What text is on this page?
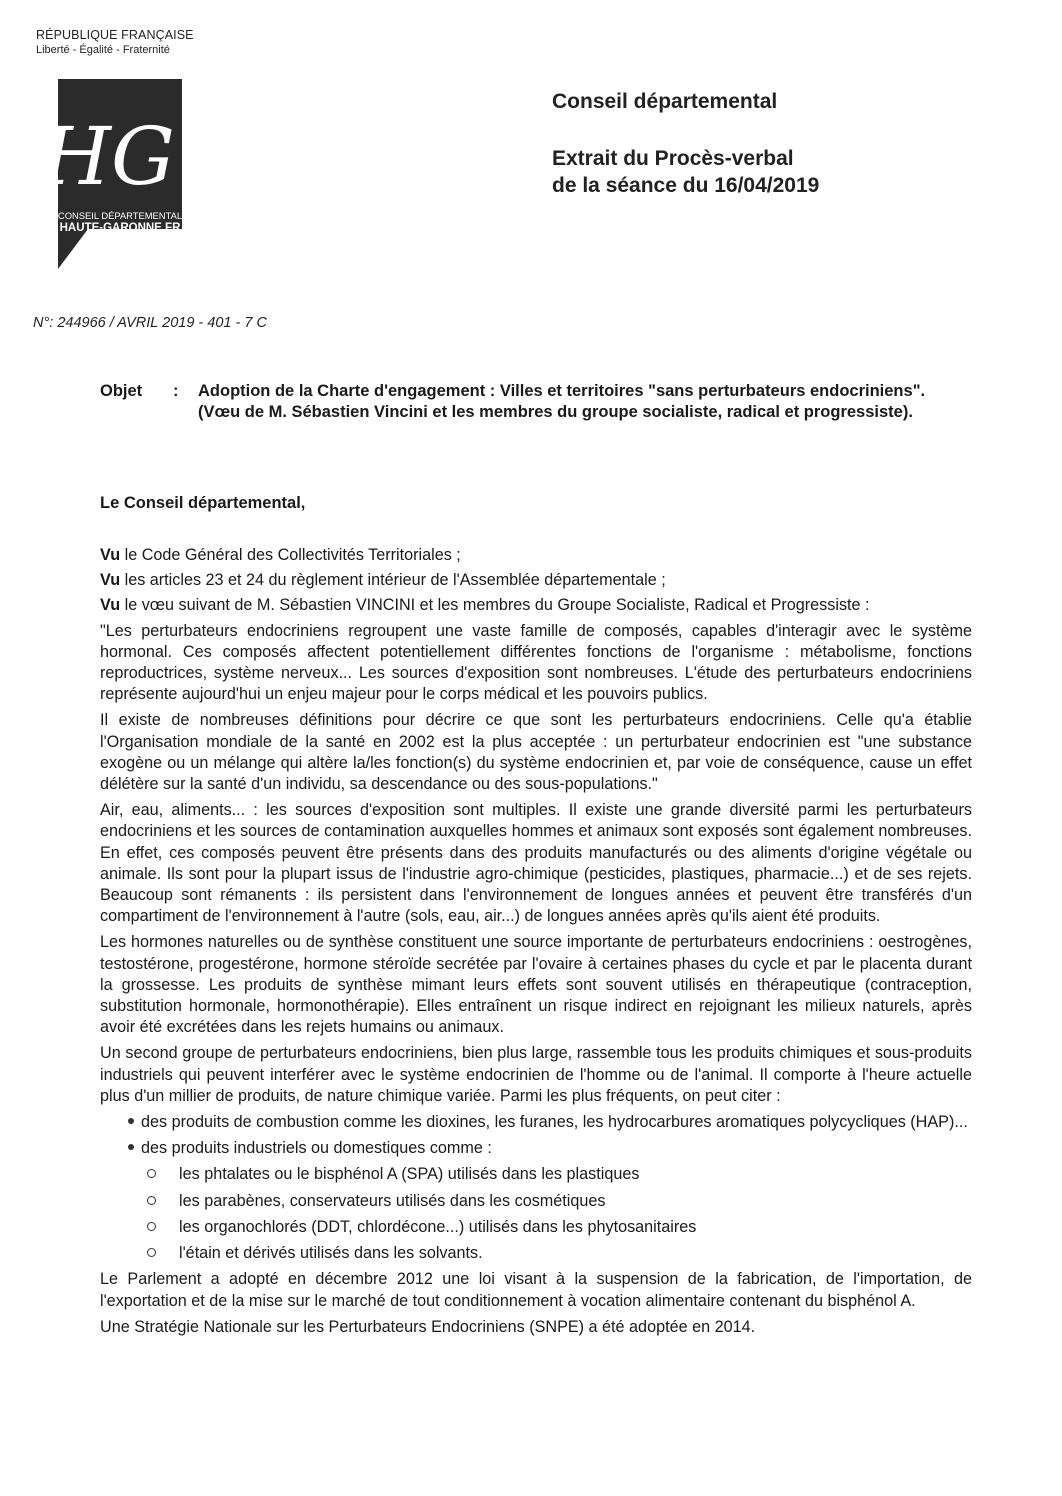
RÉPUBLIQUE FRANÇAISE
Liberté - Égalité - Fraternité
HG
CONSEIL DÉPARTEMENTAL
HAUTE-GARONNE.FR
Conseil départemental
Extrait du Procès-verbal
de la séance du 16/04/2019
N°: 244966 / AVRIL 2019 - 401 - 7 C
Objet : Adoption de la Charte d'engagement : Villes et territoires "sans perturbateurs endocriniens".
(Vœu de M. Sébastien Vincini et les membres du groupe socialiste, radical et progressiste).
Le Conseil départemental,

Vu le Code Général des Collectivités Territoriales ;

Vu les articles 23 et 24 du règlement intérieur de l'Assemblée départementale ;

Vu le vœu suivant de M. Sébastien VINCINI et les membres du Groupe Socialiste, Radical et Progressiste :

"Les perturbateurs endocriniens regroupent une vaste famille de composés, capables d'interagir avec le système hormonal. Ces composés affectent potentiellement différentes fonctions de l'organisme : métabolisme, fonctions reproductrices, système nerveux... Les sources d'exposition sont nombreuses. L'étude des perturbateurs endocriniens représente aujourd'hui un enjeu majeur pour le corps médical et les pouvoirs publics.

Il existe de nombreuses définitions pour décrire ce que sont les perturbateurs endocriniens. Celle qu'a établie l'Organisation mondiale de la santé en 2002 est la plus acceptée : un perturbateur endocrinien est "une substance exogène ou un mélange qui altère la/les fonction(s) du système endocrinien et, par voie de conséquence, cause un effet délétère sur la santé d'un individu, sa descendance ou des sous-populations."

Air, eau, aliments... : les sources d'exposition sont multiples. Il existe une grande diversité parmi les perturbateurs endocriniens et les sources de contamination auxquelles hommes et animaux sont exposés sont également nombreuses. En effet, ces composés peuvent être présents dans des produits manufacturés ou des aliments d'origine végétale ou animale. Ils sont pour la plupart issus de l'industrie agro-chimique (pesticides, plastiques, pharmacie...) et de ses rejets. Beaucoup sont rémanents : ils persistent dans l'environnement de longues années et peuvent être transférés d'un compartiment de l'environnement à l'autre (sols, eau, air...) de longues années après qu'ils aient été produits.

Les hormones naturelles ou de synthèse constituent une source importante de perturbateurs endocriniens : oestrogènes, testostérone, progestérone, hormone stéroïde secrétée par l'ovaire à certaines phases du cycle et par le placenta durant la grossesse. Les produits de synthèse mimant leurs effets sont souvent utilisés en thérapeutique (contraception, substitution hormonale, hormonothérapie). Elles entraînent un risque indirect en rejoignant les milieux naturels, après avoir été excrétées dans les rejets humains ou animaux.

Un second groupe de perturbateurs endocriniens, bien plus large, rassemble tous les produits chimiques et sous-produits industriels qui peuvent interférer avec le système endocrinien de l'homme ou de l'animal. Il comporte à l'heure actuelle plus d'un millier de produits, de nature chimique variée. Parmi les plus fréquents, on peut citer :

des produits de combustion comme les dioxines, les furanes, les hydrocarbures aromatiques polycycliques (HAP)...
des produits industriels ou domestiques comme :
les phtalates ou le bisphénol A (SPA) utilisés dans les plastiques
les parabènes, conservateurs utilisés dans les cosmétiques
les organochlorés (DDT, chlordécone...) utilisés dans les phytosanitaires
l'étain et dérivés utilisés dans les solvants.

Le Parlement a adopté en décembre 2012 une loi visant à la suspension de la fabrication, de l'importation, de l'exportation et de la mise sur le marché de tout conditionnement à vocation alimentaire contenant du bisphénol A.

Une Stratégie Nationale sur les Perturbateurs Endocriniens (SNPE) a été adoptée en 2014.
